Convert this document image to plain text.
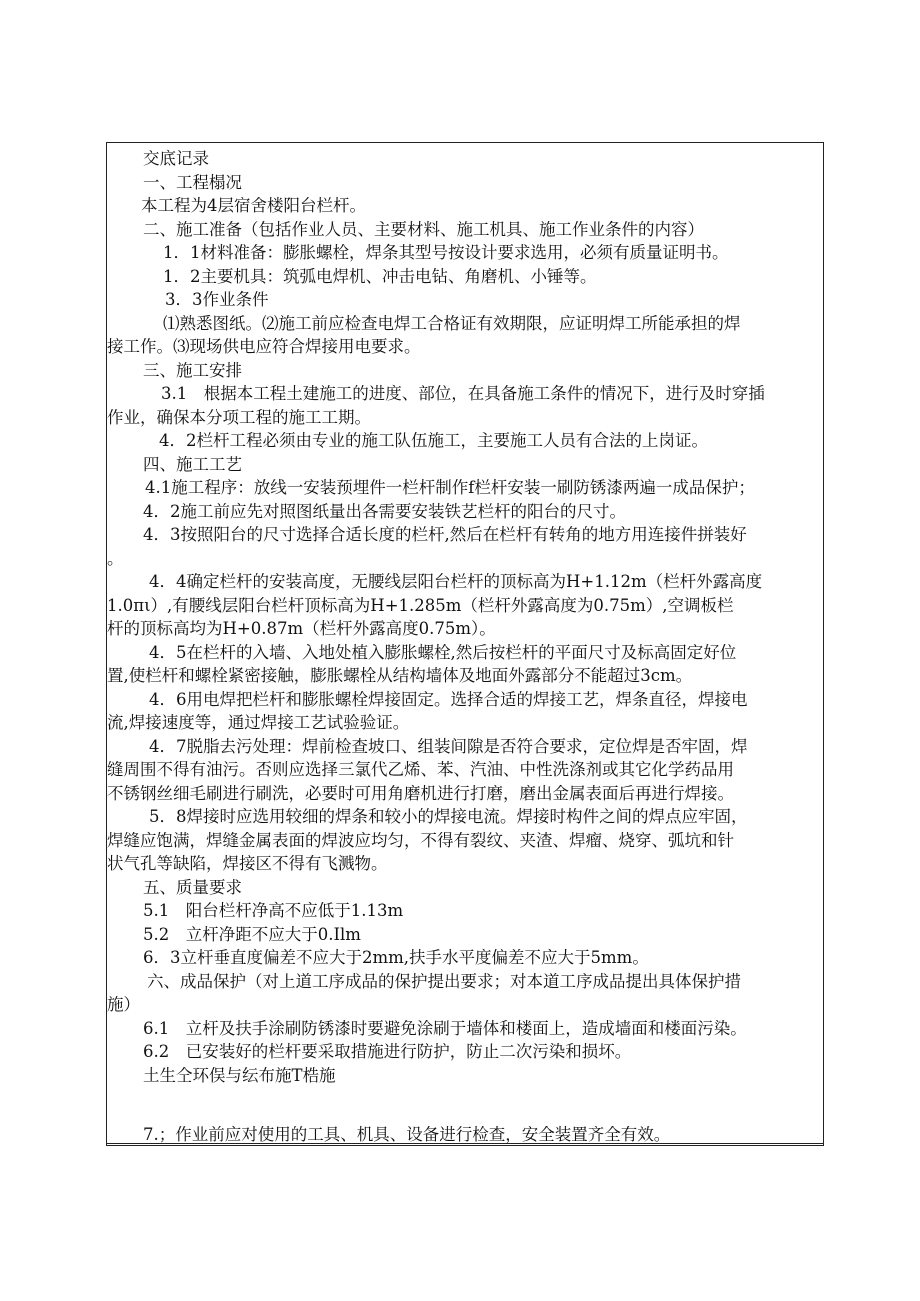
交底记录

一、工程榻况

本工程为4层宿舍楼阳台栏杆。

二、施工准备（包括作业人员、主要材料、施工机具、施工作业条件的内容）

1．1材料准备：膨胀螺栓，焊条其型号按设计要求选用，必须有质量证明书。

1．2主要机具：筑弧电焊机、冲击电钻、角磨机、小锤等。

3．3作业条件

⑴熟悉图纸。⑵施工前应检查电焊工合格证有效期限，应证明焊工所能承担的焊

接工作。⑶现场供电应符合焊接用电要求。

三、施工安排

3.1　根据本工程土建施工的进度、部位，在具备施工条件的情况下，进行及时穿插

作业，确保本分项工程的施工工期。

4．2栏杆工程必须由专业的施工队伍施工，主要施工人员有合法的上岗证。

四、施工工艺

4.1施工程序：放线一安装预埋件一栏杆制作f栏杆安装一刷防锈漆两遍一成品保护；

4．2施工前应先对照图纸量出各需要安装铁艺栏杆的阳台的尺寸。

4．3按照阳台的尺寸选择合适长度的栏杆,然后在栏杆有转角的地方用连接件拼装好

。

4．4确定栏杆的安装高度，无腰线层阳台栏杆的顶标高为H+1.12m（栏杆外露高度

1.0πι）,有腰线层阳台栏杆顶标高为H+1.285m（栏杆外露高度为0.75m）,空调板栏

杆的顶标高均为H+0.87m（栏杆外露高度0.75m）。

4．5在栏杆的入墙、入地处植入膨胀螺栓,然后按栏杆的平面尺寸及标高固定好位

置,使栏杆和螺栓紧密接触，膨胀螺栓从结构墙体及地面外露部分不能超过3cm。

4．6用电焊把栏杆和膨胀螺栓焊接固定。选择合适的焊接工艺，焊条直径，焊接电

流,焊接速度等，通过焊接工艺试验验证。

4．7脱脂去污处理：焊前检查坡口、组装间隙是否符合要求，定位焊是否牢固，焊

缝周围不得有油污。否则应选择三氯代乙烯、苯、汽油、中性洗涤剂或其它化学药品用

不锈钢丝细毛刷进行刷洗，必要时可用角磨机进行打磨，磨出金属表面后再进行焊接。

5．8焊接时应选用较细的焊条和较小的焊接电流。焊接时构件之间的焊点应牢固，

焊缝应饱满，焊缝金属表面的焊波应均匀，不得有裂纹、夹渣、焊瘤、烧穿、弧坑和针

状气孔等缺陷，焊接区不得有飞溅物。

五、质量要求

5.1　阳台栏杆净高不应低于1.13m

5.2　立杆净距不应大于0.Ilm

6．3立杆垂直度偏差不应大于2mm,扶手水平度偏差不应大于5mm。

六、成品保护（对上道工序成品的保护提出要求；对本道工序成品提出具体保护措

施）

6.1　立杆及扶手涂刷防锈漆时要避免涂刷于墙体和楼面上，造成墙面和楼面污染。

6.2　已安装好的栏杆要采取措施进行防护，防止二次污染和损坏。

土生仝环俣与纭布施T梏施

7.；作业前应对使用的工具、机具、设备进行检查，安全装置齐全有效。
